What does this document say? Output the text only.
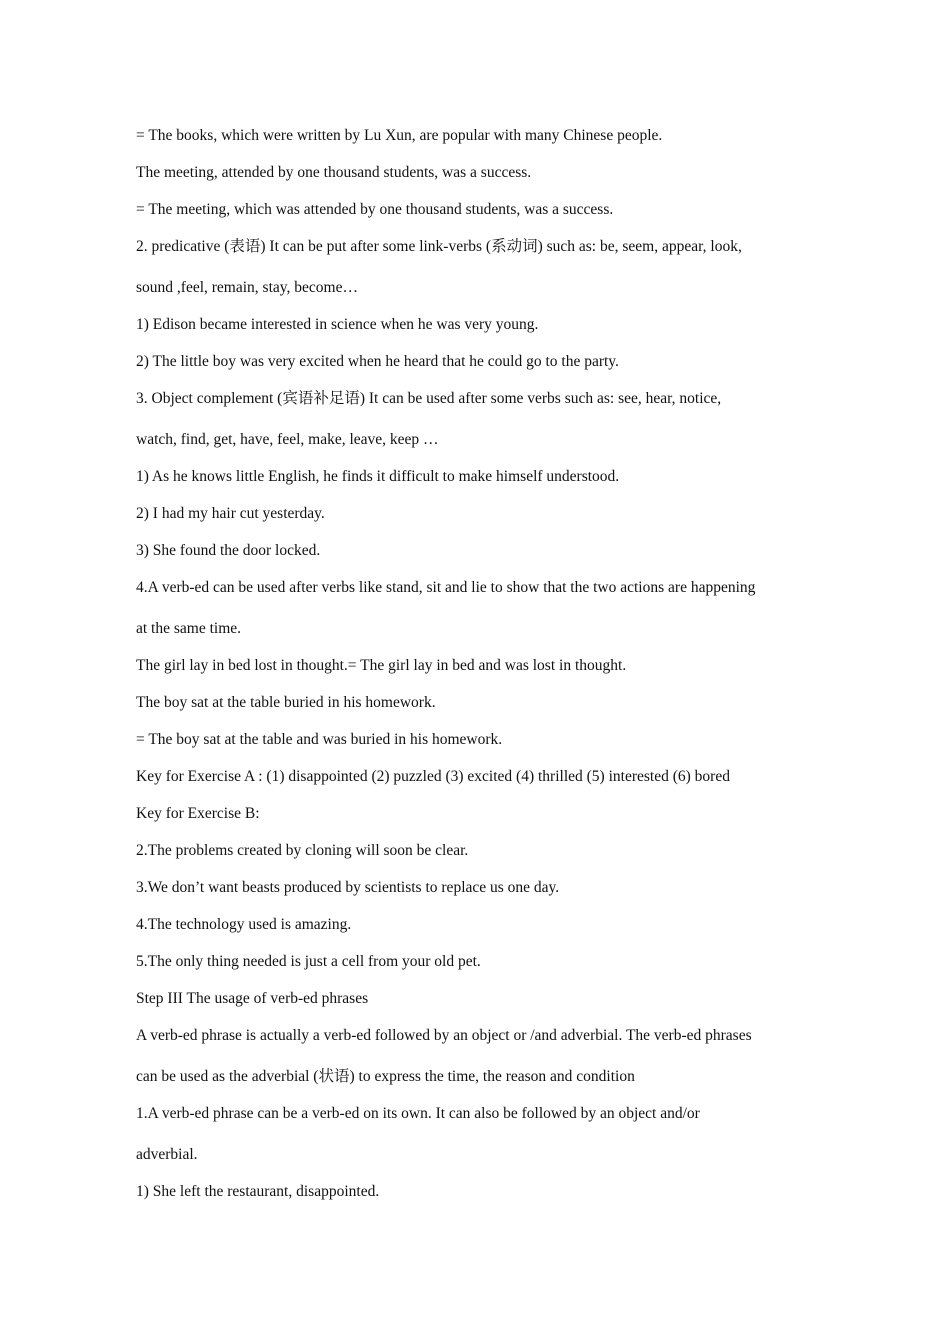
= The books, which were written by Lu Xun, are popular with many Chinese people.
The meeting, attended by one thousand students, was a success.
= The meeting, which was attended by one thousand students, was a success.
2. predicative (表语) It can be put after some link-verbs (系动词) such as: be, seem, appear, look,
sound ,feel, remain, stay, become…
1) Edison became interested in science when he was very young.
2) The little boy was very excited when he heard that he could go to the party.
3. Object complement (宾语补足语) It can be used after some verbs such as: see, hear, notice,
watch, find, get, have, feel, make, leave, keep …
1) As he knows little English, he finds it difficult to make himself understood.
2) I had my hair cut yesterday.
3) She found the door locked.
4.A verb-ed can be used after verbs like stand, sit and lie to show that the two actions are happening
at the same time.
The girl lay in bed lost in thought.= The girl lay in bed and was lost in thought.
The boy sat at the table buried in his homework.
= The boy sat at the table and was buried in his homework.
Key for Exercise A : (1) disappointed (2) puzzled (3) excited (4) thrilled (5) interested (6) bored
Key for Exercise B:
2.The problems created by cloning will soon be clear.
3.We don’t want beasts produced by scientists to replace us one day.
4.The technology used is amazing.
5.The only thing needed is just a cell from your old pet.
Step III The usage of verb-ed phrases
A verb-ed phrase is actually a verb-ed followed by an object or /and adverbial. The verb-ed phrases
can be used as the adverbial (状语) to express the time, the reason and condition
1.A verb-ed phrase can be a verb-ed on its own. It can also be followed by an object and/or
adverbial.
1) She left the restaurant, disappointed.
